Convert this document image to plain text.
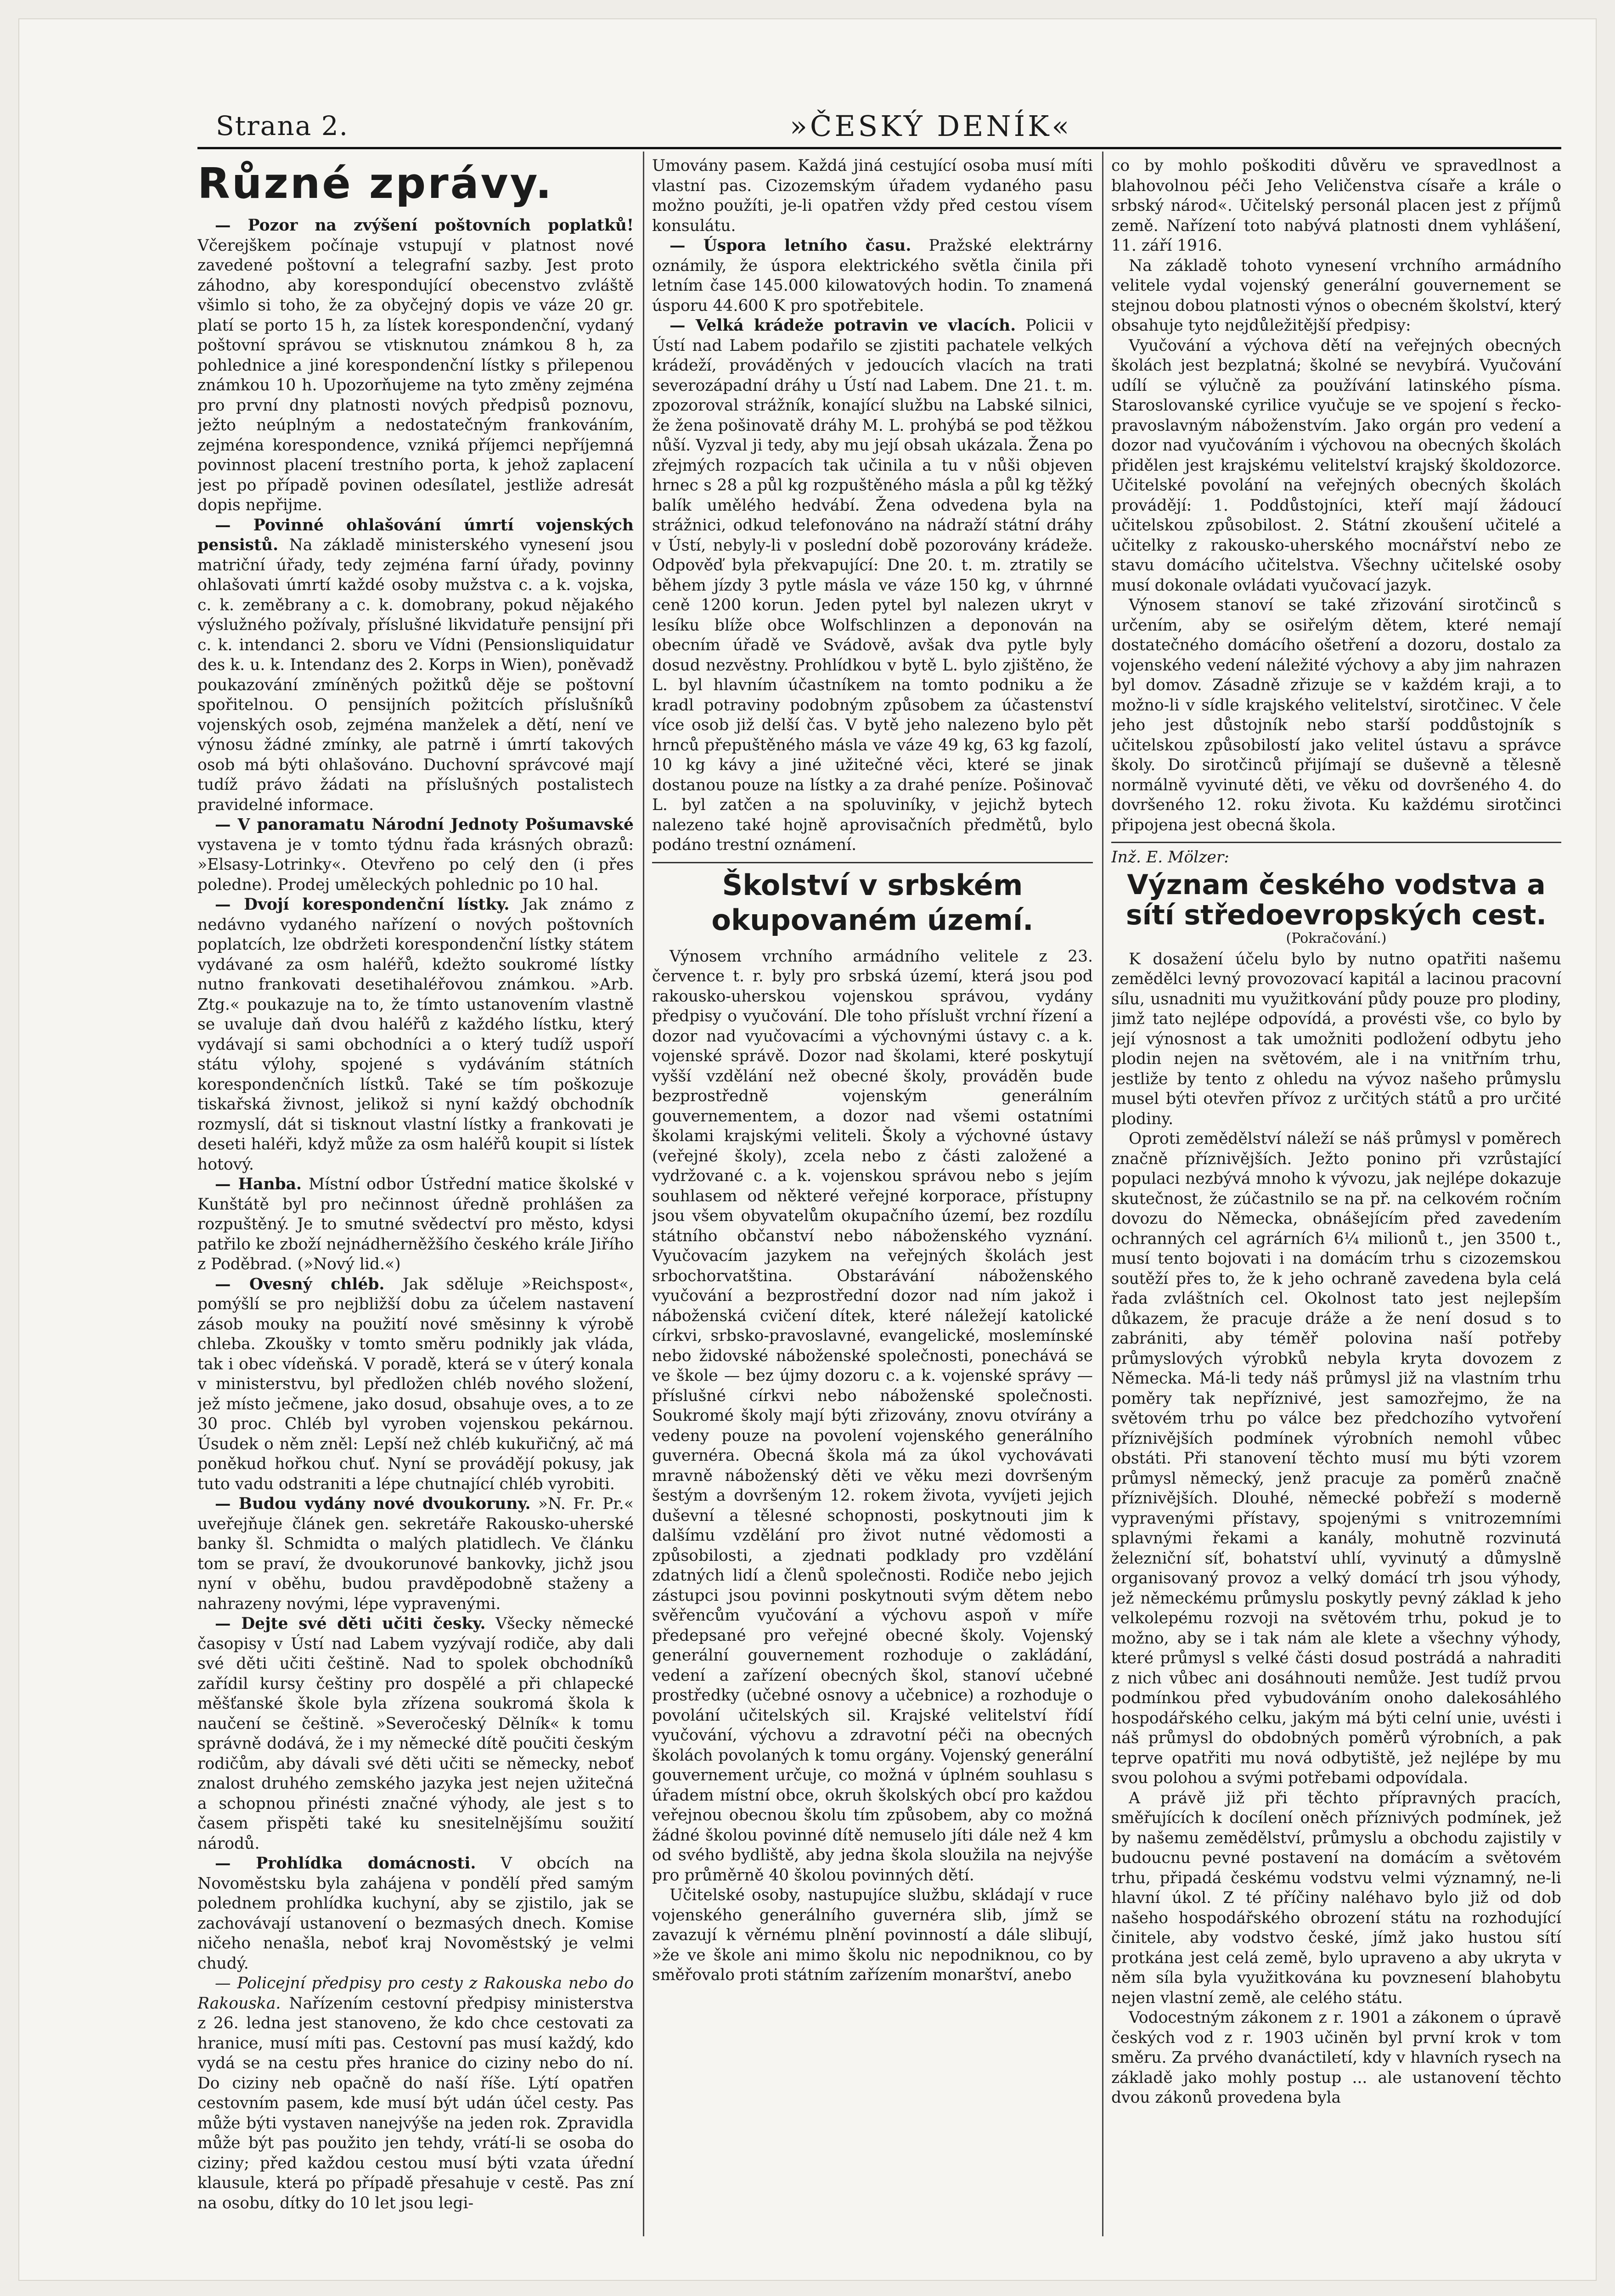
Strana 2.	»ČESKÝ DENÍK«
Různé zprávy.

— Pozor na zvýšení poštovních poplatků! Včerejškem počínaje vstupují v platnost nové zavedené poštovní a telegrafní sazby. Jest proto záhodno, aby korespondující obecenstvo zvláště všimlo si toho, že za obyčejný dopis ve váze 20 gr. platí se porto 15 h, za lístek korespondenční, vydaný poštovní správou se vtisknutou známkou 8 h, za pohlednice a jiné korespondenční lístky s přilepenou známkou 10 h. Upozorňujeme na tyto změny zejména pro první dny platnosti nových předpisů poznovu, ježto neúplným a nedostatečným frankováním, zejména korespondence, vzniká příjemci nepříjemná povinnost placení trestního porta, k jehož zaplacení jest po případě povinen odesílatel, jestliže adresát dopis nepřijme.

— Povinné ohlašování úmrtí vojenských pensistů. Na základě ministerského vynesení jsou matriční úřady, tedy zejména farní úřady, povinny ohlašovati úmrtí každé osoby mužstva c. a k. vojska, c. k. zeměbrany a c. k. domobrany, pokud nějakého výslužného požívaly, příslušné likvidatuře pensijní při c. k. intendanci 2. sboru ve Vídni (Pensionsliquidatur des k. u. k. Intendanz des 2. Korps in Wien), poněvadž poukazování zmíněných požitků děje se poštovní spořitelnou. O pensijních požitcích příslušníků vojenských osob, zejména manželek a dětí, není ve výnosu žádné zmínky, ale patrně i úmrtí takových osob má býti ohlašováno. Duchovní správcové mají tudíž právo žádati na příslušných postalistech pravidelné informace.

— V panoramatu Národní Jednoty Pošumavské vystavena je v tomto týdnu řada krásných obrazů: »Elsasy-Lotrinky«. Otevřeno po celý den (i přes poledne). Prodej uměleckých pohlednic po 10 hal.

— Dvojí korespondenční lístky. Jak známo z nedávno vydaného nařízení o nových poštovních poplatcích, lze obdržeti korespondenční lístky státem vydávané za osm haléřů, kdežto soukromé lístky nutno frankovati desetihaléřovou známkou. »Arb. Ztg.« poukazuje na to, že tímto ustanovením vlastně se uvaluje daň dvou haléřů z každého lístku, který vydávají si sami obchodníci a o který tudíž uspoří státu výlohy, spojené s vydáváním státních korespondenčních lístků. Také se tím poškozuje tiskařská živnost, jelikož si nyní každý obchodník rozmyslí, dát si tisknout vlastní lístky a frankovati je deseti haléři, když může za osm haléřů koupit si lístek hotový.

— Hanba. Místní odbor Ústřední matice školské v Kunštátě byl pro nečinnost úředně prohlášen za rozpuštěný. Je to smutné svědectví pro město, kdysi patřilo ke zboží nejnádherněžšího českého krále Jiřího z Poděbrad. (»Nový lid.«)

— Ovesný chléb. Jak sděluje »Reichspost«, pomýšlí se pro nejbližší dobu za účelem nastavení zásob mouky na použití nové směsinny k výrobě chleba. Zkoušky v tomto směru podnikly jak vláda, tak i obec vídeňská. V poradě, která se v úterý konala v ministerstvu, byl předložen chléb nového složení, jež místo ječmene, jako dosud, obsahuje oves, a to ze 30 proc. Chléb byl vyroben vojenskou pekárnou. Úsudek o něm zněl: Lepší než chléb kukuřičný, ač má poněkud hořkou chuť. Nyní se provádějí pokusy, jak tuto vadu odstraniti a lépe chutnající chléb vyrobiti.

— Budou vydány nové dvoukoruny. »N. Fr. Pr.« uveřejňuje článek gen. sekretáře Rakousko-uherské banky šl. Schmidta o malých platidlech. Ve článku tom se praví, že dvoukorunové bankovky, jichž jsou nyní v oběhu, budou pravděpodobně staženy a nahrazeny novými, lépe vypravenými.

— Dejte své děti učiti česky. Všecky německé časopisy v Ústí nad Labem vyzývají rodiče, aby dali své děti učiti češtině. Nad to spolek obchodníků zařídil kursy češtiny pro dospělé a při chlapecké měšťanské škole byla zřízena soukromá škola k naučení se češtině. »Severočeský Dělník« k tomu správně dodává, že i my německé dítě poučiti českým rodičům, aby dávali své děti učiti se německy, neboť znalost druhého zemského jazyka jest nejen užitečná a schopnou přinésti značné výhody, ale jest s to časem přispěti také ku snesitelnějšímu soužití národů.

— Prohlídka domácnosti. V obcích na Novoměstsku byla zahájena v pondělí před samým polednem prohlídka kuchyní, aby se zjistilo, jak se zachovávají ustanovení o bezmasých dnech. Komise ničeho nenašla, neboť kraj Novoměstský je velmi chudý.

— Policejní předpisy pro cesty z Rakouska nebo do Rakouska. Nařízením cestovní předpisy ministerstva z 26. ledna jest stanoveno, že kdo chce cestovati za hranice, musí míti pas. Cestovní pas musí každý, kdo vydá se na cestu přes hranice do ciziny nebo do ní. Do ciziny neb opačně do naší říše. Lýtí opatřen cestovním pasem, kde musí být udán účel cesty. Pas může býti vystaven nanejvýše na jeden rok. Zpravidla může být pas použito jen tehdy, vrátí-li se osoba do ciziny; před každou cestou musí býti vzata úřední klausule, která po případě přesahuje v cestě. Pas zní na osobu, dítky do 10 let jsou legi-

Umovány pasem. Každá jiná cestující osoba musí míti vlastní pas. Cizozemským úřadem vydaného pasu možno použíti, je-li opatřen vždy před cestou vísem konsulátu.

— Úspora letního času. Pražské elektrárny oznámily, že úspora elektrického světla činila při letním čase 145.000 kilowatových hodin. To znamená úsporu 44.600 K pro spotřebitele.

— Velká krádeže potravin ve vlacích. Policii v Ústí nad Labem podařilo se zjistiti pachatele velkých krádeží, prováděných v jedoucích vlacích na trati severozápadní dráhy u Ústí nad Labem. Dne 21. t. m. zpozoroval strážník, konající službu na Labské silnici, že žena pošinovatě dráhy M. L. prohýbá se pod těžkou nůší. Vyzval ji tedy, aby mu její obsah ukázala. Žena po zřejmých rozpacích tak učinila a tu v nůši objeven hrnec s 28 a půl kg rozpuštěného másla a půl kg těžký balík umělého hedvábí. Žena odvedena byla na strážnici, odkud telefonováno na nádraží státní dráhy v Ústí, nebyly-li v poslední době pozorovány krádeže. Odpověď byla překvapující: Dne 20. t. m. ztratily se během jízdy 3 pytle másla ve váze 150 kg, v úhrnné ceně 1200 korun. Jeden pytel byl nalezen ukryt v lesíku blíže obce Wolfschlinzen a deponován na obecním úřadě ve Svádově, avšak dva pytle byly dosud nezvěstny. Prohlídkou v bytě L. bylo zjištěno, že L. byl hlavním účastníkem na tomto podniku a že kradl potraviny podobným způsobem za účastenství více osob již delší čas. V bytě jeho nalezeno bylo pět hrnců přepuštěného másla ve váze 49 kg, 63 kg fazolí, 10 kg kávy a jiné užitečné věci, které se jinak dostanou pouze na lístky a za drahé peníze. Pošinovač L. byl zatčen a na spoluviníky, v jejichž bytech nalezeno také hojně aprovisačních předmětů, bylo podáno trestní oznámení.

Školství v srbském okupovaném území.

Výnosem vrchního armádního velitele z 23. července t. r. byly pro srbská území, která jsou pod rakousko-uherskou vojenskou správou, vydány předpisy o vyučování. Dle toho příslušt vrchní řízení a dozor nad vyučovacími a výchovnými ústavy c. a k. vojenské správě. Dozor nad školami, které poskytují vyšší vzdělání než obecné školy, prováděn bude bezprostředně vojenským generálním gouvernementem, a dozor nad všemi ostatními školami krajskými veliteli. Školy a výchovné ústavy (veřejné školy), zcela nebo z části založené a vydržované c. a k. vojenskou správou nebo s jejím souhlasem od některé veřejné korporace, přístupny jsou všem obyvatelům okupačního území, bez rozdílu státního občanství nebo náboženského vyznání. Vyučovacím jazykem na veřejných školách jest srbochorvatština. Obstarávání náboženského vyučování a bezprostřední dozor nad ním jakož i náboženská cvičení dítek, které náležejí katolické církvi, srbsko-pravoslavné, evangelické, moslemínské nebo židovské náboženské společnosti, ponechává se ve škole — bez újmy dozoru c. a k. vojenské správy — příslušné církvi nebo náboženské společnosti. Soukromé školy mají býti zřizovány, znovu otvírány a vedeny pouze na povolení vojenského generálního guvernéra. Obecná škola má za úkol vychovávati mravně náboženský děti ve věku mezi dovršeným šestým a dovršeným 12. rokem života, vyvíjeti jejich duševní a tělesné schopnosti, poskytnouti jim k dalšímu vzdělání pro život nutné vědomosti a způsobilosti, a zjednati podklady pro vzdělání zdatných lidí a členů společnosti. Rodiče nebo jejich zástupci jsou povinni poskytnouti svým dětem nebo svěřencům vyučování a výchovu aspoň v míře předepsané pro veřejné obecné školy. Vojenský generální gouvernement rozhoduje o zakládání, vedení a zařízení obecných škol, stanoví učebné prostředky (učebné osnovy a učebnice) a rozhoduje o povolání učitelských sil. Krajské velitelství řídí vyučování, výchovu a zdravotní péči na obecných školách povolaných k tomu orgány. Vojenský generální gouvernement určuje, co možná v úplném souhlasu s úřadem místní obce, okruh školských obcí pro každou veřejnou obecnou školu tím způsobem, aby co možná žádné školou povinné dítě nemuselo jíti dále než 4 km od svého bydliště, aby jedna škola sloužila na nejvýše pro průměrně 40 školou povinných dětí.

Učitelské osoby, nastupujíce službu, skládají v ruce vojenského generálního guvernéra slib, jímž se zavazují k věrnému plnění povinností a dále slibují, »že ve škole ani mimo školu nic nepodniknou, co by směřovalo proti státním zařízením monarštví, anebo

co by mohlo poškoditi důvěru ve spravedlnost a blahovolnou péči Jeho Veličenstva císaře a krále o srbský národ«. Učitelský personál placen jest z příjmů země. Nařízení toto nabývá platnosti dnem vyhlášení, 11. září 1916.

Na základě tohoto vynesení vrchního armádního velitele vydal vojenský generální gouvernement se stejnou dobou platnosti výnos o obecném školství, který obsahuje tyto nejdůležitější předpisy:

Vyučování a výchova dětí na veřejných obecných školách jest bezplatná; školné se nevybírá. Vyučování udílí se výlučně za používání latinského písma. Staroslovanské cyrilice vyučuje se ve spojení s řecko-pravoslavným náboženstvím. Jako orgán pro vedení a dozor nad vyučováním i výchovou na obecných školách přidělen jest krajskému velitelství krajský školdozorce. Učitelské povolání na veřejných obecných školách provádějí: 1. Poddůstojníci, kteří mají žádoucí učitelskou způsobilost. 2. Státní zkoušení učitelé a učitelky z rakousko-uherského mocnářství nebo ze stavu domácího učitelstva. Všechny učitelské osoby musí dokonale ovládati vyučovací jazyk.

Výnosem stanoví se také zřizování sirotčinců s určením, aby se osiřelým dětem, které nemají dostatečného domácího ošetření a dozoru, dostalo za vojenského vedení náležité výchovy a aby jim nahrazen byl domov. Zásadně zřizuje se v každém kraji, a to možno-li v sídle krajského velitelství, sirotčinec. V čele jeho jest důstojník nebo starší poddůstojník s učitelskou způsobilostí jako velitel ústavu a správce školy. Do sirotčinců přijímají se duševně a tělesně normálně vyvinuté děti, ve věku od dovršeného 4. do dovršeného 12. roku života. Ku každému sirotčinci připojena jest obecná škola.

Inž. E. Mölzer:

Význam českého vodstva a sítí středoevropských cest.
(Pokračování.)

K dosažení účelu bylo by nutno opatřiti našemu zemědělci levný provozovací kapitál a lacinou pracovní sílu, usnadniti mu využitkování půdy pouze pro plodiny, jimž tato nejlépe odpovídá, a provésti vše, co bylo by její výnosnost a tak umožniti podložení odbytu jeho plodin nejen na světovém, ale i na vnitřním trhu, jestliže by tento z ohledu na vývoz našeho průmyslu musel býti otevřen přívoz z určitých států a pro určité plodiny.

Oproti zemědělství náleží se náš průmysl v poměrech značně příznivějších. Ježto ponino při vzrůstající populaci nezbývá mnoho k vývozu, jak nejlépe dokazuje skutečnost, že zúčastnilo se na př. na celkovém ročním dovozu do Německa, obnášejícím před zavedením ochranných cel agrárních 6¼ milionů t., jen 3500 t., musí tento bojovati i na domácím trhu s cizozemskou soutěží přes to, že k jeho ochraně zavedena byla celá řada zvláštních cel. Okolnost tato jest nejlepším důkazem, že pracuje dráže a že není dosud s to zabrániti, aby téměř polovina naší potřeby průmyslových výrobků nebyla kryta dovozem z Německa. Má-li tedy náš průmysl již na vlastním trhu poměry tak nepříznivé, jest samozřejmo, že na světovém trhu po válce bez předchozího vytvoření příznivějších podmínek výrobních nemohl vůbec obstáti. Při stanovení těchto musí mu býti vzorem průmysl německý, jenž pracuje za poměrů značně příznivějších. Dlouhé, německé pobřeží s moderně vypravenými přístavy, spojenými s vnitrozemními splavnými řekami a kanály, mohutně rozvinutá železniční síť, bohatství uhlí, vyvinutý a důmyslně organisovaný provoz a velký domácí trh jsou výhody, jež německému průmyslu poskytly pevný základ k jeho velkolepému rozvoji na světovém trhu, pokud je to možno, aby se i tak nám ale klete a všechny výhody, které průmysl s velké části dosud postrádá a nahraditi z nich vůbec ani dosáhnouti nemůže. Jest tudíž prvou podmínkou před vybudováním onoho dalekosáhlého hospodářského celku, jakým má býti celní unie, uvésti i náš průmysl do obdobných poměrů výrobních, a pak teprve opatřiti mu nová odbytiště, jež nejlépe by mu svou polohou a svými potřebami odpovídala.

A právě již při těchto přípravných pracích, směřujících k docílení oněch příznivých podmínek, jež by našemu zemědělství, průmyslu a obchodu zajistily v budoucnu pevné postavení na domácím a světovém trhu, připadá českému vodstvu velmi významný, ne-li hlavní úkol. Z té příčiny naléhavo bylo již od dob našeho hospodářského obrození státu na rozhodující činitele, aby vodstvo české, jímž jako hustou sítí protkána jest celá země, bylo upraveno a aby ukryta v něm síla byla využitkována ku povznesení blahobytu nejen vlastní země, ale celého státu.

Vodocestným zákonem z r. 1901 a zákonem o úpravě českých vod z r. 1903 učiněn byl první krok v tom směru. Za prvého dvanáctiletí, kdy v hlavních rysech na základě jako mohly postup ... ale ustanovení těchto dvou zákonů provedena byla
